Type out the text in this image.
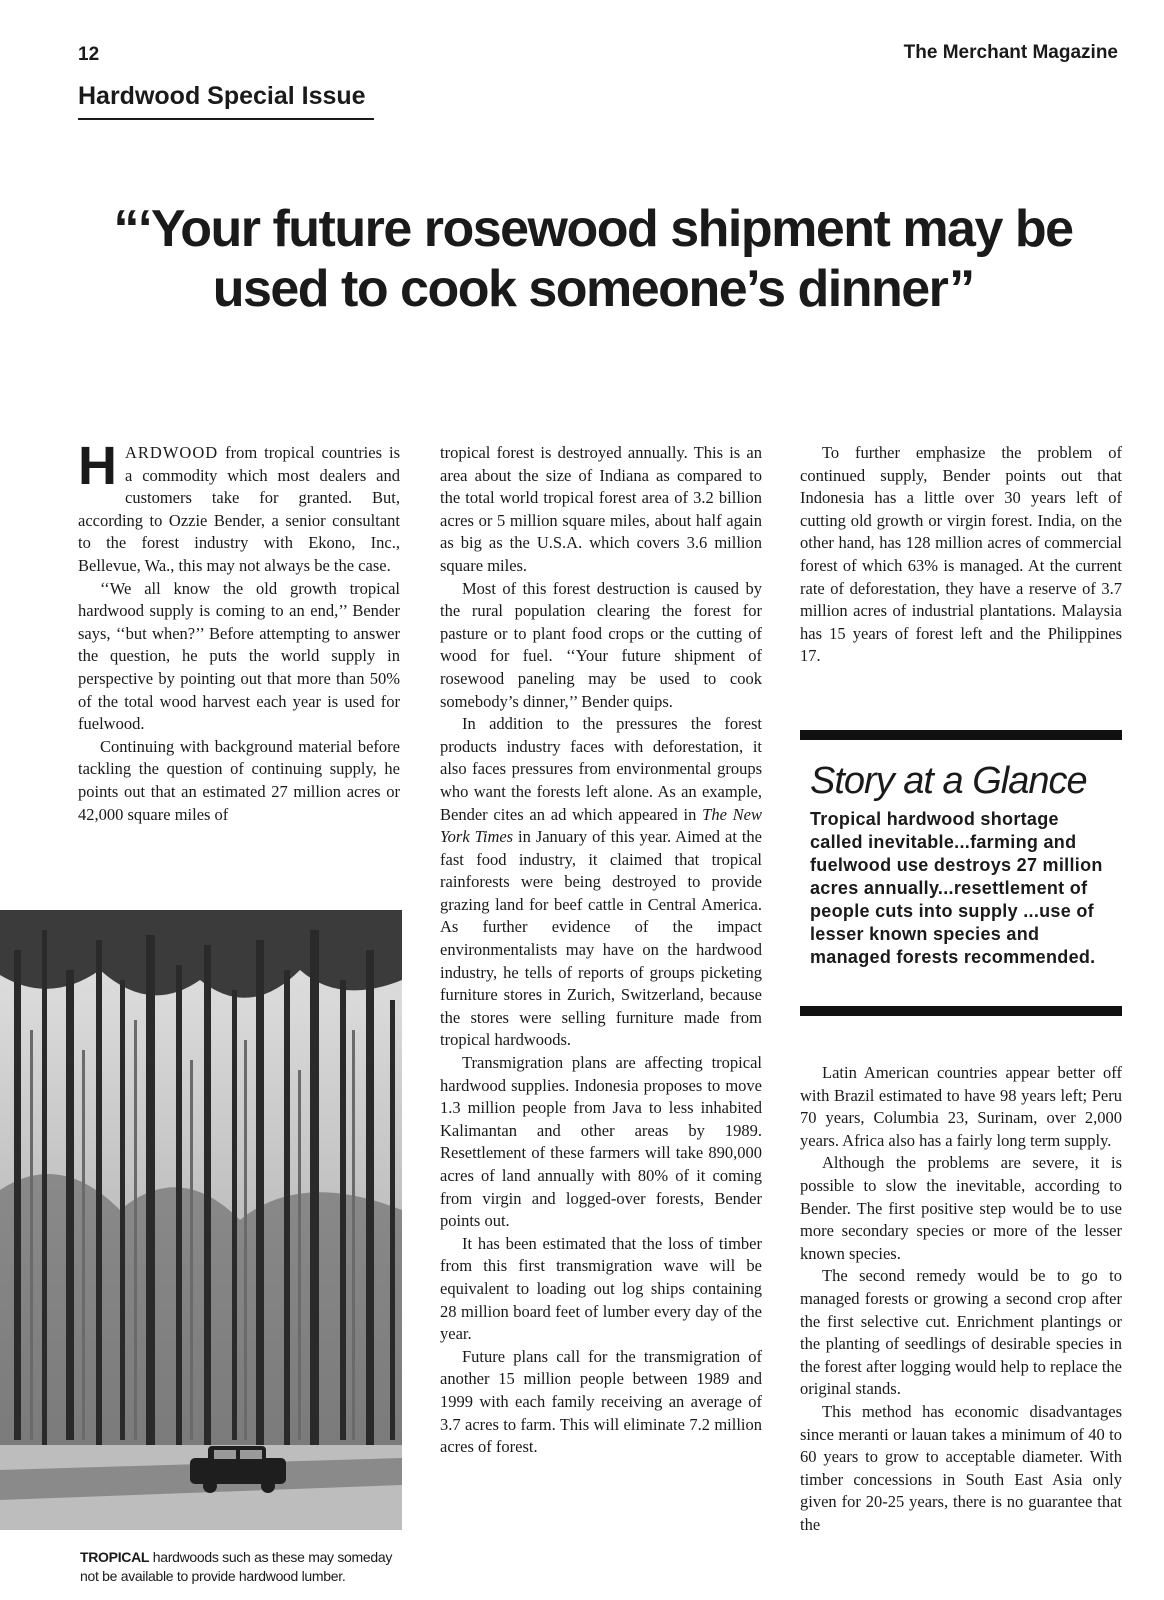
12	The Merchant Magazine
Hardwood Special Issue
“‘Your future rosewood shipment may be used to cook someone’s dinner’’

HARDWOOD from tropical countries is a commodity which most dealers and customers take for granted. But, according to Ozzie Bender, a senior consultant to the forest industry with Ekono, Inc., Bellevue, Wa., this may not always be the case.

‘‘We all know the old growth tropical hardwood supply is coming to an end,’’ Bender says, ‘‘but when?’’ Before attempting to answer the question, he puts the world supply in perspective by pointing out that more than 50% of the total wood harvest each year is used for fuelwood.

Continuing with background material before tackling the question of continuing supply, he points out that an estimated 27 million acres or 42,000 square miles of

TROPICAL hardwoods such as these may someday not be available to provide hardwood lumber.

tropical forest is destroyed annually. This is an area about the size of Indiana as compared to the total world tropical forest area of 3.2 billion acres or 5 million square miles, about half again as big as the U.S.A. which covers 3.6 million square miles.

Most of this forest destruction is caused by the rural population clearing the forest for pasture or to plant food crops or the cutting of wood for fuel. ‘‘Your future shipment of rosewood paneling may be used to cook somebody’s dinner,’’ Bender quips.

In addition to the pressures the forest products industry faces with deforestation, it also faces pressures from environmental groups who want the forests left alone. As an example, Bender cites an ad which appeared in The New York Times in January of this year. Aimed at the fast food industry, it claimed that tropical rainforests were being destroyed to provide grazing land for beef cattle in Central America. As further evidence of the impact environmentalists may have on the hardwood industry, he tells of reports of groups picketing furniture stores in Zurich, Switzerland, because the stores were selling furniture made from tropical hardwoods.

Transmigration plans are affecting tropical hardwood supplies. Indonesia proposes to move 1.3 million people from Java to less inhabited Kalimantan and other areas by 1989. Resettlement of these farmers will take 890,000 acres of land annually with 80% of it coming from virgin and logged-over forests, Bender points out.

It has been estimated that the loss of timber from this first transmigration wave will be equivalent to loading out log ships containing 28 million board feet of lumber every day of the year.

Future plans call for the transmigration of another 15 million people between 1989 and 1999 with each family receiving an average of 3.7 acres to farm. This will eliminate 7.2 million acres of forest.

To further emphasize the problem of continued supply, Bender points out that Indonesia has a little over 30 years left of cutting old growth or virgin forest. India, on the other hand, has 128 million acres of commercial forest of which 63% is managed. At the current rate of deforestation, they have a reserve of 3.7 million acres of industrial plantations. Malaysia has 15 years of forest left and the Philippines 17.

Story at a Glance

Tropical hardwood shortage called inevitable...farming and fuelwood use destroys 27 million acres annually...resettlement of people cuts into supply ...use of lesser known species and managed forests recommended.

Latin American countries appear better off with Brazil estimated to have 98 years left; Peru 70 years, Columbia 23, Surinam, over 2,000 years. Africa also has a fairly long term supply.

Although the problems are severe, it is possible to slow the inevitable, according to Bender. The first positive step would be to use more secondary species or more of the lesser known species.

The second remedy would be to go to managed forests or growing a second crop after the first selective cut. Enrichment plantings or the planting of seedlings of desirable species in the forest after logging would help to replace the original stands.

This method has economic disadvantages since meranti or lauan takes a minimum of 40 to 60 years to grow to acceptable diameter. With timber concessions in South East Asia only given for 20-25 years, there is no guarantee that the
